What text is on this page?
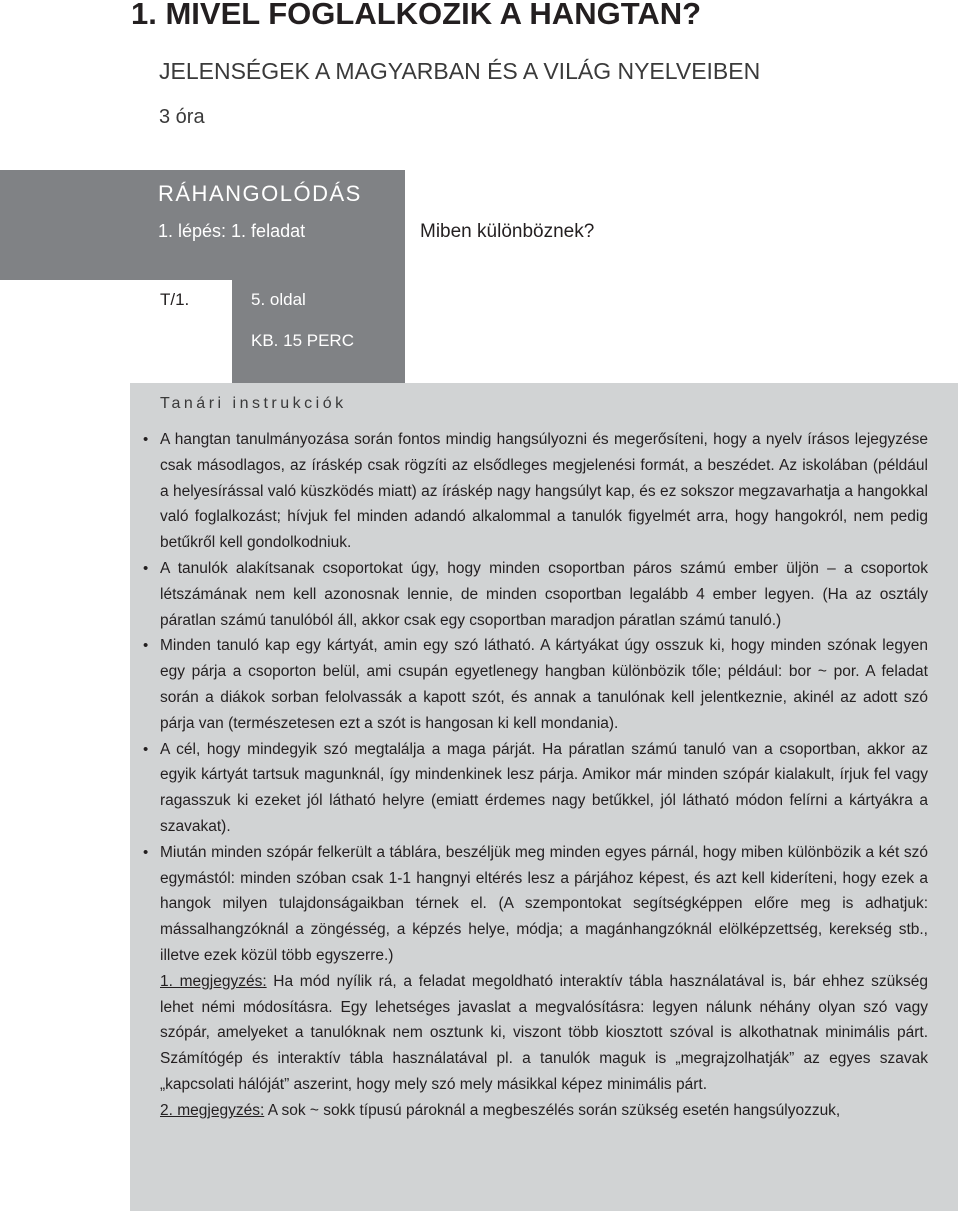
1. MIVEL FOGLALKOZIK A HANGTAN?
JELENSÉGEK A MAGYARBAN ÉS A VILÁG NYELVEIBEN
3 óra
RÁHANGOLÓDÁS
1. lépés: 1. feladat	Miben különböznek?
T/1.	5. oldal
KB. 15 PERC
Tanári instrukciók
• A hangtan tanulmányozása során fontos mindig hangsúlyozni és megerősíteni, hogy a nyelv írásos lejegyzése csak másodlagos, az íráskép csak rögzíti az elsődleges megjelenési formát, a beszédet. Az iskolában (például a helyesírással való küszködés miatt) az íráskép nagy hangsúlyt kap, és ez sokszor megzavarhatja a hangokkal való foglalkozást; hívjuk fel minden adandó alkalommal a tanulók figyelmét arra, hogy hangokról, nem pedig betűkről kell gondolkodniuk.
• A tanulók alakítsanak csoportokat úgy, hogy minden csoportban páros számú ember üljön – a csoportok létszámának nem kell azonosnak lennie, de minden csoportban legalább 4 ember legyen. (Ha az osztály páratlan számú tanulóból áll, akkor csak egy csoportban maradjon páratlan számú tanuló.)
• Minden tanuló kap egy kártyát, amin egy szó látható. A kártyákat úgy osszuk ki, hogy minden szónak legyen egy párja a csoporton belül, ami csupán egyetlenegy hangban különbözik tőle; például: bor ~ por. A feladat során a diákok sorban felolvassák a kapott szót, és annak a tanulónak kell jelentkeznie, akinél az adott szó párja van (természetesen ezt a szót is hangosan ki kell mondania).
• A cél, hogy mindegyik szó megtalálja a maga párját. Ha páratlan számú tanuló van a csoportban, akkor az egyik kártyát tartsuk magunknál, így mindenkinek lesz párja. Amikor már minden szópár kialakult, írjuk fel vagy ragasszuk ki ezeket jól látható helyre (emiatt érdemes nagy betűkkel, jól látható módon felírni a kártyákra a szavakat).
• Miután minden szópár felkerült a táblára, beszéljük meg minden egyes párnál, hogy miben különbözik a két szó egymástól: minden szóban csak 1-1 hangnyi eltérés lesz a párjához képest, és azt kell kideríteni, hogy ezek a hangok milyen tulajdonságaikban térnek el. (A szempontokat segítségképpen előre meg is adhatjuk: mássalhangzóknál a zöngésség, a képzés helye, módja; a magánhangzóknál elölképzettség, kerekség stb., illetve ezek közül több egyszerre.)
1. megjegyzés: Ha mód nyílik rá, a feladat megoldható interaktív tábla használatával is, bár ehhez szükség lehet némi módosításra. Egy lehetséges javaslat a megvalósításra: legyen nálunk néhány olyan szó vagy szópár, amelyeket a tanulóknak nem osztunk ki, viszont több kiosztott szóval is alkothatnak minimális párt. Számítógép és interaktív tábla használatával pl. a tanulók maguk is „megrajzolhatják” az egyes szavak „kapcsolati hálóját” aszerint, hogy mely szó mely másikkal képez minimális párt.
2. megjegyzés: A sok ~ sokk típusú pároknál a megbeszélés során szükség esetén hangsúlyozzuk,
